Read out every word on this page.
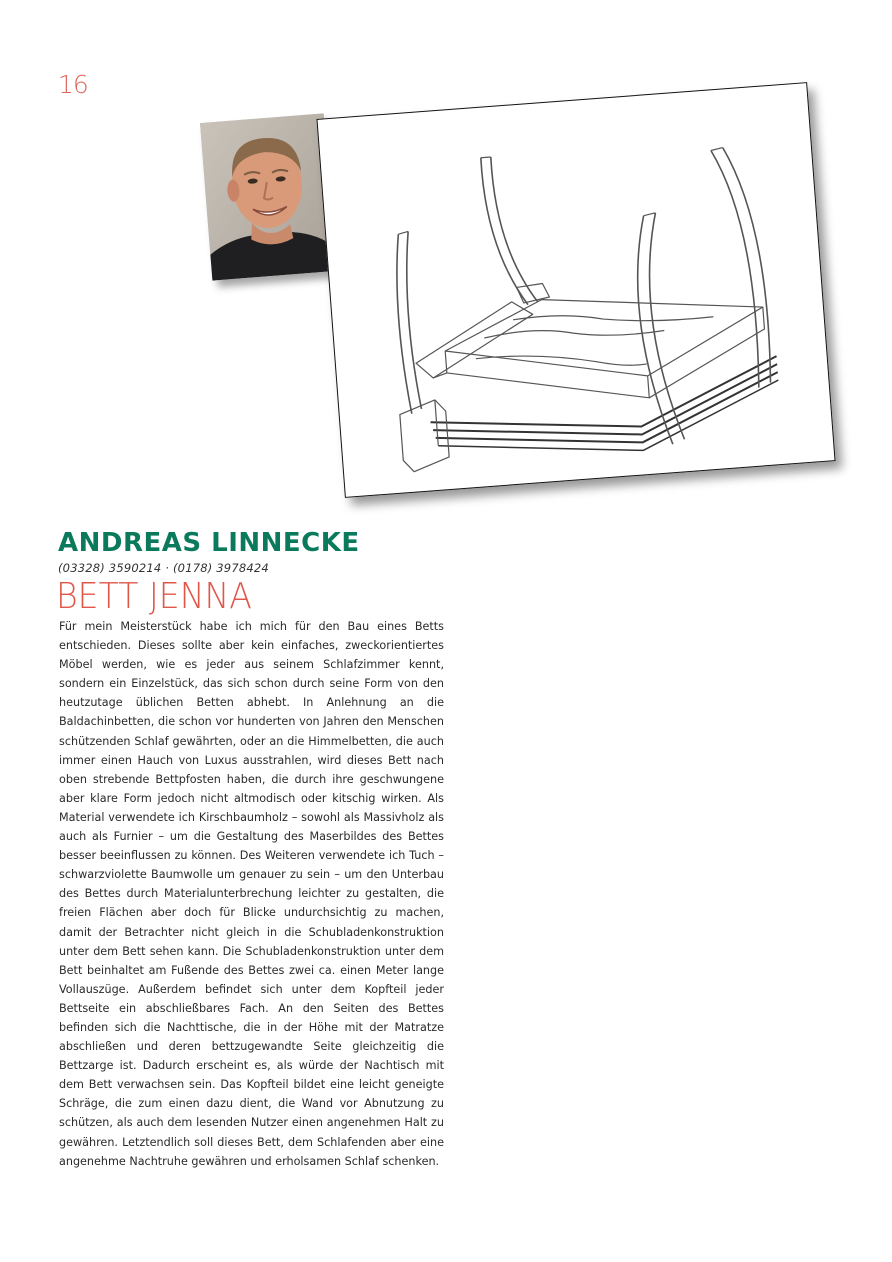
16
ANDREAS LINNECKE
(03328) 3590214 · (0178) 3978424
BETT JENNA

Für mein Meisterstück habe ich mich für den Bau eines Betts entschieden. Dieses sollte aber kein einfaches, zweckorientiertes Möbel werden, wie es jeder aus seinem Schlafzimmer kennt, sondern ein Einzelstück, das sich schon durch seine Form von den heutzutage üblichen Betten abhebt. In Anlehnung an die Baldachinbetten, die schon vor hunderten von Jahren den Menschen schützenden Schlaf gewährten, oder an die Himmelbetten, die auch immer einen Hauch von Luxus ausstrahlen, wird dieses Bett nach oben strebende Bettpfosten haben, die durch ihre geschwungene aber klare Form jedoch nicht altmodisch oder kitschig wirken. Als Material verwendete ich Kirschbaumholz – sowohl als Massivholz als auch als Furnier – um die Gestaltung des Maserbildes des Bettes besser beeinflussen zu können. Des Weiteren verwendete ich Tuch – schwarzviolette Baumwolle um genauer zu sein – um den Unterbau des Bettes durch Materialunterbrechung leichter zu gestalten, die freien Flächen aber doch für Blicke undurchsichtig zu machen, damit der Betrachter nicht gleich in die Schubladenkonstruktion unter dem Bett sehen kann. Die Schubladenkonstruktion unter dem Bett beinhaltet am Fußende des Bettes zwei ca. einen Meter lange Vollauszüge. Außerdem befindet sich unter dem Kopfteil jeder Bettseite ein abschließbares Fach. An den Seiten des Bettes befinden sich die Nachttische, die in der Höhe mit der Matratze abschließen und deren bettzugewandte Seite gleichzeitig die Bettzarge ist. Dadurch erscheint es, als würde der Nachtisch mit dem Bett verwachsen sein. Das Kopfteil bildet eine leicht geneigte Schräge, die zum einen dazu dient, die Wand vor Abnutzung zu schützen, als auch dem lesenden Nutzer einen angenehmen Halt zu gewähren. Letztendlich soll dieses Bett, dem Schlafenden aber eine angenehme Nachtruhe gewähren und erholsamen Schlaf schenken.
